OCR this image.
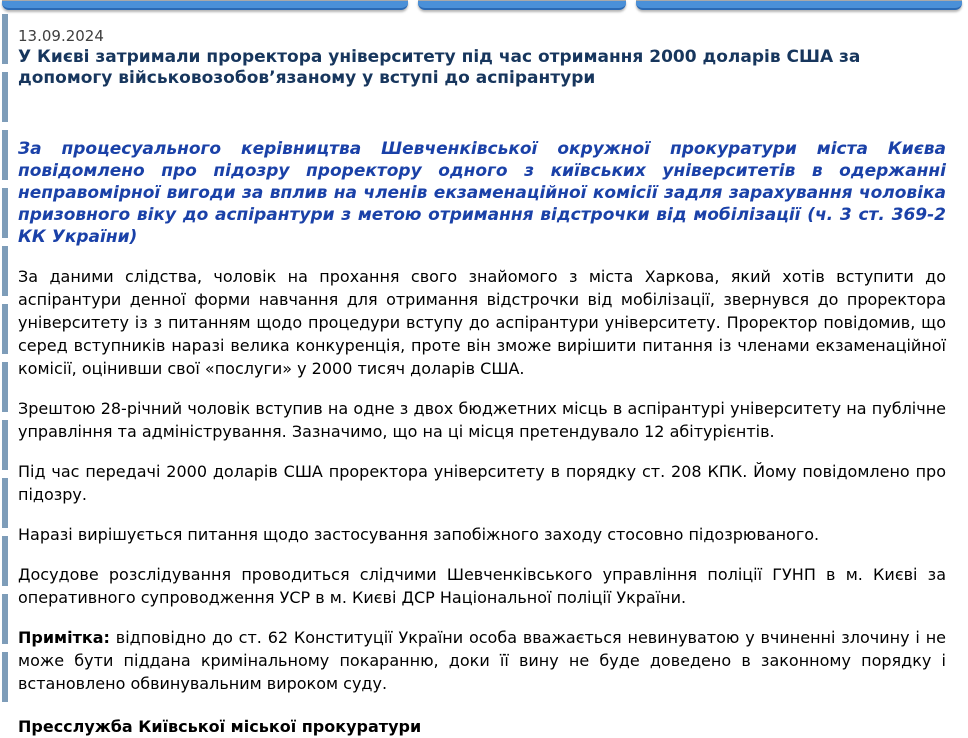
13.09.2024
У Києві затримали проректора університету під час отримання 2000 доларів США за допомогу військовозобов’язаному у вступі до аспірантури

За процесуального керівництва Шевченківської окружної прокуратури міста Києва повідомлено про підозру проректору одного з київських університетів в одержанні неправомірної вигоди за вплив на членів екзаменаційної комісії задля зарахування чоловіка призовного віку до аспірантури з метою отримання відстрочки від мобілізації (ч. 3 ст. 369-2 КК України)

За даними слідства, чоловік на прохання свого знайомого з міста Харкова, який хотів вступити до аспірантури денної форми навчання для отримання відстрочки від мобілізації, звернувся до проректора університету із з питанням щодо процедури вступу до аспірантури університету. Проректор повідомив, що серед вступників наразі велика конкуренція, проте він зможе вирішити питання із членами екзаменаційної комісії, оцінивши свої «послуги» у 2000 тисяч доларів США.

Зрештою 28-річний чоловік вступив на одне з двох бюджетних місць в аспірантурі університету на публічне управління та адміністрування. Зазначимо, що на ці місця претендувало 12 абітурієнтів.

Під час передачі 2000 доларів США проректора університету в порядку ст. 208 КПК. Йому повідомлено про підозру.

Наразі вирішується питання щодо застосування запобіжного заходу стосовно підозрюваного.

Досудове розслідування проводиться слідчими Шевченківського управління поліції ГУНП в м. Києві за оперативного супроводження УСР в м. Києві ДСР Національної поліції України.

Примітка: відповідно до ст. 62 Конституції України особа вважається невинуватою у вчиненні злочину і не може бути піддана кримінальному покаранню, доки її вину не буде доведено в законному порядку і встановлено обвинувальним вироком суду.

Пресслужба Київської міської прокуратури
